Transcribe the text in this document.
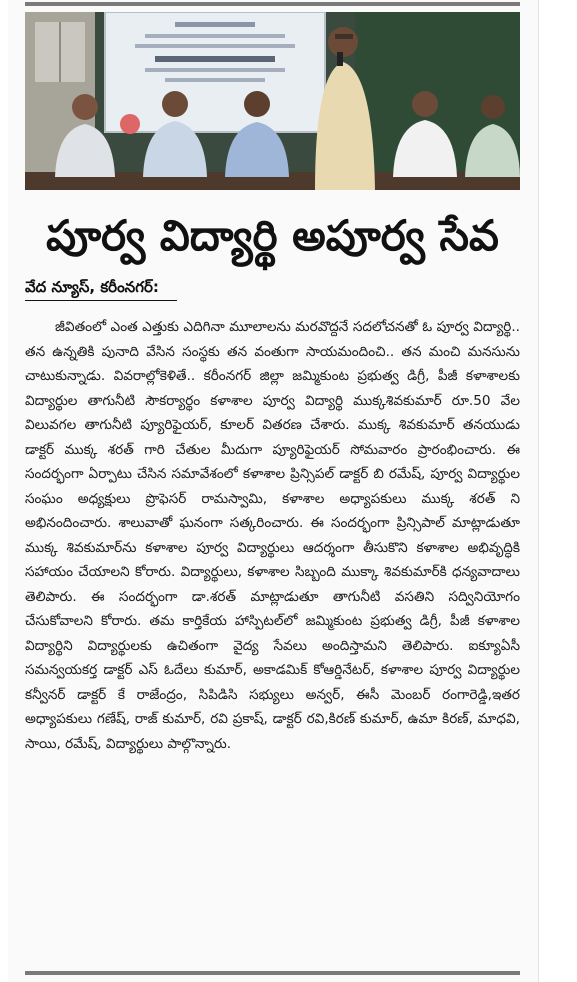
పూర్వ విద్యార్థి అపూర్వ సేవ
వేద న్యూస్, కరీంనగర్:

జీవితంలో ఎంత ఎత్తుకు ఎదిగినా మూలాలను మరవొద్దనే సదలోచనతో ఓ పూర్వ విద్యార్థి.. తన ఉన్నతికి పునాది వేసిన సంస్థకు తన వంతుగా సాయమందించి.. తన మంచి మనసును చాటుకున్నాడు. వివరాల్లోకెళితే.. కరీంనగర్ జిల్లా జమ్మికుంట ప్రభుత్వ డిగ్రీ, పీజీ కళాశాలకు విద్యార్థుల తాగునీటి సౌకర్యార్థం కళాశాల పూర్వ విద్యార్థి ముక్కశివకుమార్ రూ.50 వేల విలువగల తాగునీటి ప్యూరిఫైయర్, కూలర్ వితరణ చేశారు. ముక్క శివకుమార్ తనయుడు డాక్టర్ ముక్క శరత్ గారి చేతుల మీదుగా ప్యూరిఫైయర్ సోమవారం ప్రారంభించారు. ఈ సందర్భంగా ఏర్పాటు చేసిన సమావేశంలో కళాశాల ప్రిన్సిపల్ డాక్టర్ బి రమేష్, పూర్వ విద్యార్థుల సంఘం అధ్యక్షులు ప్రొఫెసర్ రామస్వామి, కళాశాల అధ్యాపకులు ముక్క శరత్ ని అభినందించారు. శాలువాతో ఘనంగా సత్కరించారు. ఈ సందర్భంగా ప్రిన్సిపాల్ మాట్లాడుతూ ముక్క శివకుమార్‌ను కళాశాల పూర్వ విద్యార్థులు ఆదర్శంగా తీసుకొని కళాశాల అభివృద్ధికి సహాయం చేయాలని కోరారు. విద్యార్థులు, కళాశాల సిబ్బంది ముక్కా శివకుమార్‌కి ధన్యవాదాలు తెలిపారు. ఈ సందర్భంగా డా.శరత్ మాట్లాడుతూ తాగునీటి వసతిని సద్వినియోగం చేసుకోవాలని కోరారు. తమ కార్తికేయ హాస్పిటల్‌లో జమ్మికుంట ప్రభుత్వ డిగ్రీ, పీజీ కళాశాల విద్యార్థిని విద్యార్థులకు ఉచితంగా వైద్య సేవలు అందిస్తామని తెలిపారు. ఐక్యూఏసీ సమన్వయకర్త డాక్టర్ ఎస్ ఓదేలు కుమార్, అకాడమిక్ కోఆర్డినేటర్, కళాశాల పూర్వ విద్యార్థుల కన్వీనర్ డాక్టర్ కే రాజేంద్రం, సిపిడిసి సభ్యులు అన్వర్, ఈసీ మెంబర్ రంగారెడ్డి,ఇతర అధ్యాపకులు గణేష్, రాజ్ కుమార్, రవి ప్రకాష్, డాక్టర్ రవి,కిరణ్ కుమార్, ఉమా కిరణ్, మాధవి, సాయి, రమేష్, విద్యార్థులు పాల్గొన్నారు.
